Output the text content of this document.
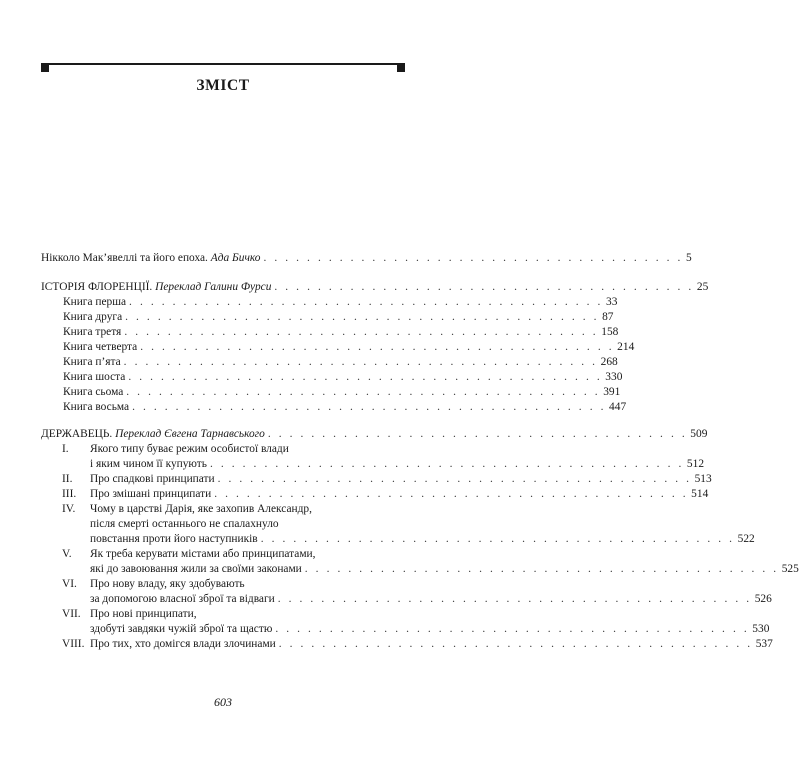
ЗМІСТ
Нікколо Мак’явеллі та його епоха. Ада Бичко . . . . . . . . . . . . . . . . . . . . . . . . . . . . . . . . . . . . . . . 5
ІСТОРІЯ ФЛОРЕНЦІЇ. Переклад Галини Фурси . . . . . . . . . . . . . . . . . . . . . . . . . . . . . . . . . . . . . . . 25
Книга перша . . . . . . . . . . . . . . . . . . . . . . . . . . . . . . . . . . . . . . . . . . . . 33
Книга друга . . . . . . . . . . . . . . . . . . . . . . . . . . . . . . . . . . . . . . . . . . . . 87
Книга третя . . . . . . . . . . . . . . . . . . . . . . . . . . . . . . . . . . . . . . . . . . . . 158
Книга четверта . . . . . . . . . . . . . . . . . . . . . . . . . . . . . . . . . . . . . . . . . . . . 214
Книга п’ята . . . . . . . . . . . . . . . . . . . . . . . . . . . . . . . . . . . . . . . . . . . . 268
Книга шоста . . . . . . . . . . . . . . . . . . . . . . . . . . . . . . . . . . . . . . . . . . . . 330
Книга сьома . . . . . . . . . . . . . . . . . . . . . . . . . . . . . . . . . . . . . . . . . . . . 391
Книга восьма . . . . . . . . . . . . . . . . . . . . . . . . . . . . . . . . . . . . . . . . . . . . 447
ДЕРЖАВЕЦЬ. Переклад Євгена Тарнавського . . . . . . . . . . . . . . . . . . . . . . . . . . . . . . . . . . . . . . . 509
I.	Якого типу буває режим особистої влади
і яким чином її купують . . . . . . . . . . . . . . . . . . . . . . . . . . . . . . . . . . . . . . . . . . . . 512
II.	Про спадкові принципати . . . . . . . . . . . . . . . . . . . . . . . . . . . . . . . . . . . . . . . . . . . . 513
III.	Про змішані принципати . . . . . . . . . . . . . . . . . . . . . . . . . . . . . . . . . . . . . . . . . . . . 514
IV.	Чому в царстві Дарія, яке захопив Александр,
після смерті останнього не спалахнуло
повстання проти його наступників . . . . . . . . . . . . . . . . . . . . . . . . . . . . . . . . . . . . . . . . . . . . 522
V.	Як треба керувати містами або принципатами,
які до завоювання жили за своїми законами . . . . . . . . . . . . . . . . . . . . . . . . . . . . . . . . . . . . . . . . . . . . 525
VI.	Про нову владу, яку здобувають
за допомогою власної зброї та відваги . . . . . . . . . . . . . . . . . . . . . . . . . . . . . . . . . . . . . . . . . . . . 526
VII. Про нові принципати,
здобуті завдяки чужій зброї та щастю . . . . . . . . . . . . . . . . . . . . . . . . . . . . . . . . . . . . . . . . . . . . 530
VIII. Про тих, хто домігся влади злочинами . . . . . . . . . . . . . . . . . . . . . . . . . . . . . . . . . . . . . . . . . . . . 537
603
